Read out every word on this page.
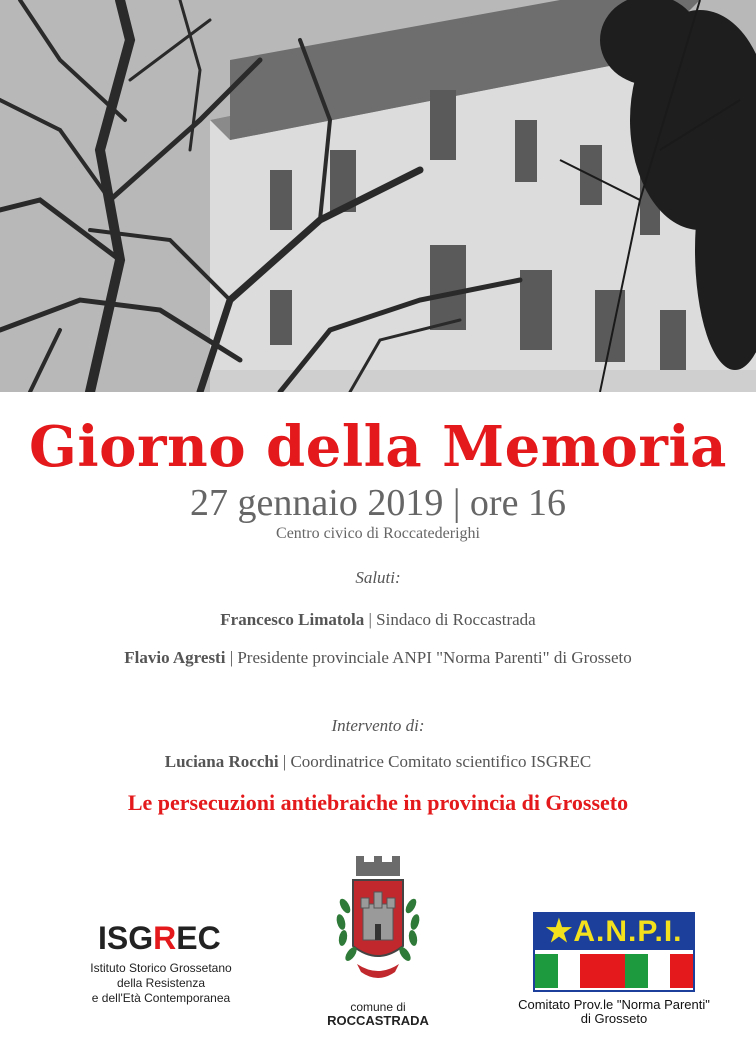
Giorno della Memoria
27 gennaio 2019 | ore 16
Centro civico di Roccatederighi
Saluti:
Francesco Limatola | Sindaco di Roccastrada
Flavio Agresti | Presidente provinciale ANPI "Norma Parenti" di Grosseto
Intervento di:
Luciana Rocchi | Coordinatrice Comitato scientifico ISGREC
Le persecuzioni antiebraiche in provincia di Grosseto
ISGREC
Istituto Storico Grossetano
della Resistenza
e dell'Età Contemporanea
comune di
ROCCASTRADA
★A.N.P.I.
Comitato Prov.le "Norma Parenti"
di Grosseto
